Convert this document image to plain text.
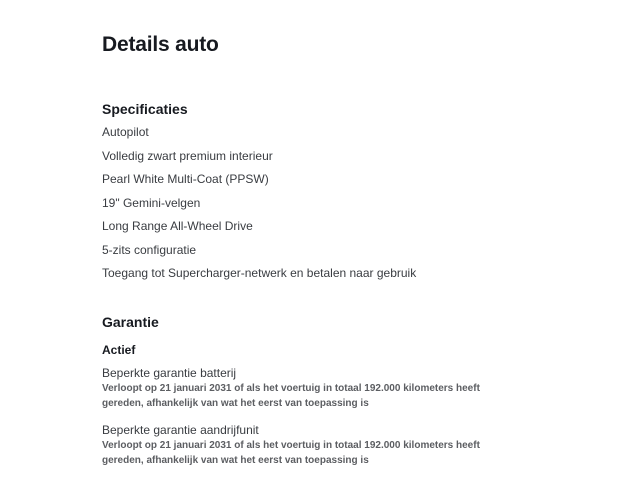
Details auto
Specificaties
Autopilot
Volledig zwart premium interieur
Pearl White Multi-Coat (PPSW)
19" Gemini-velgen
Long Range All-Wheel Drive
5-zits configuratie
Toegang tot Supercharger-netwerk en betalen naar gebruik
Garantie
Actief
Beperkte garantie batterij
Verloopt op 21 januari 2031 of als het voertuig in totaal 192.000 kilometers heeft gereden, afhankelijk van wat het eerst van toepassing is
Beperkte garantie aandrijfunit
Verloopt op 21 januari 2031 of als het voertuig in totaal 192.000 kilometers heeft gereden, afhankelijk van wat het eerst van toepassing is
